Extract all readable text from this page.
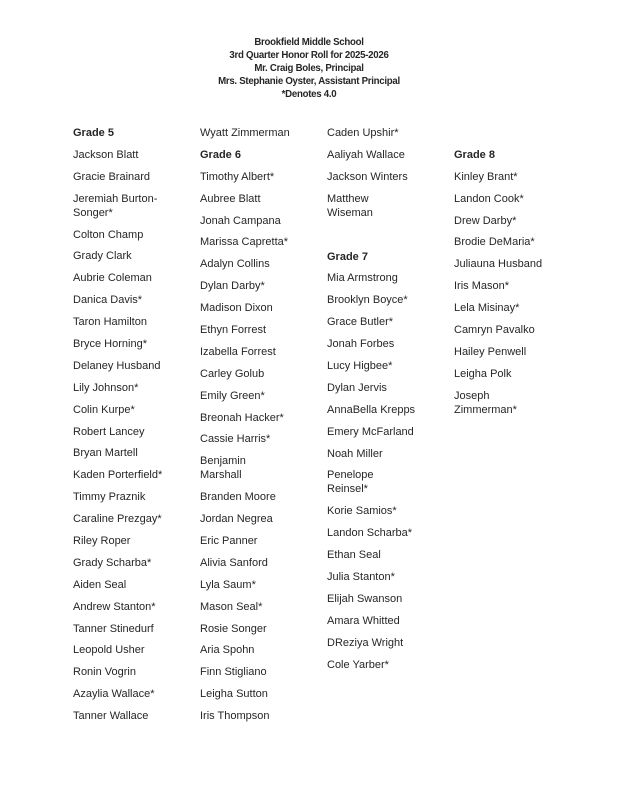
Brookfield Middle School
3rd Quarter Honor Roll for 2025-2026
Mr. Craig Boles, Principal
Mrs. Stephanie Oyster, Assistant Principal
*Denotes 4.0
Grade 5
Jackson Blatt
Gracie Brainard
Jeremiah Burton-Songer*
Colton Champ
Grady Clark
Aubrie Coleman
Danica Davis*
Taron Hamilton
Bryce Horning*
Delaney Husband
Lily Johnson*
Colin Kurpe*
Robert Lancey
Bryan Martell
Kaden Porterfield*
Timmy Praznik
Caraline Prezgay*
Riley Roper
Grady Scharba*
Aiden Seal
Andrew Stanton*
Tanner Stinedurf
Leopold Usher
Ronin Vogrin
Azaylia Wallace*
Tanner Wallace
Wyatt Zimmerman
Grade 6
Timothy Albert*
Aubree Blatt
Jonah Campana
Marissa Capretta*
Adalyn Collins
Dylan Darby*
Madison Dixon
Ethyn Forrest
Izabella Forrest
Carley Golub
Emily Green*
Breonah Hacker*
Cassie Harris*
Benjamin Marshall
Branden Moore
Jordan Negrea
Eric Panner
Alivia Sanford
Lyla Saum*
Mason Seal*
Rosie Songer
Aria Spohn
Finn Stigliano
Leigha Sutton
Iris Thompson
Caden Upshir*
Aaliyah Wallace
Jackson Winters
Matthew Wiseman
Grade 7
Mia Armstrong
Brooklyn Boyce*
Grace Butler*
Jonah Forbes
Lucy Higbee*
Dylan Jervis
AnnaBella Krepps
Emery McFarland
Noah Miller
Penelope Reinsel*
Korie Samios*
Landon Scharba*
Ethan Seal
Julia Stanton*
Elijah Swanson
Amara Whitted
DReziya Wright
Cole Yarber*
Grade 8
Kinley Brant*
Landon Cook*
Drew Darby*
Brodie DeMaria*
Juliauna Husband
Iris Mason*
Lela Misinay*
Camryn Pavalko
Hailey Penwell
Leigha Polk
Joseph Zimmerman*
